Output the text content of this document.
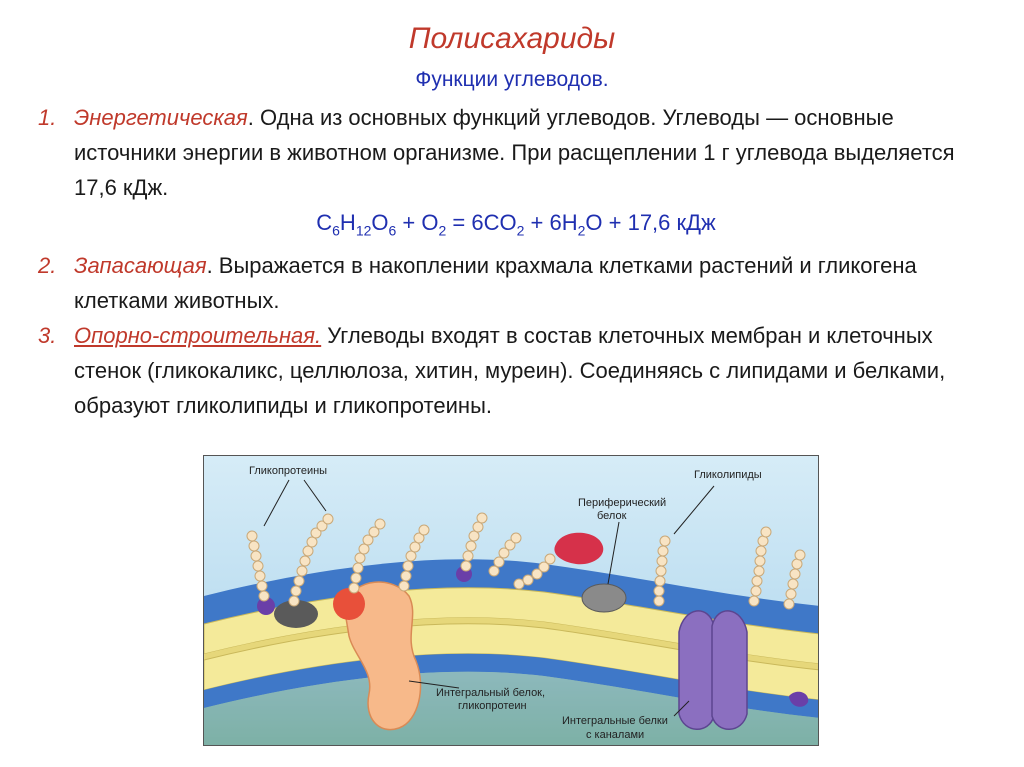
Полисахариды
Функции углеводов.
1. Энергетическая. Одна из основных функций углеводов. Углеводы — основные источники энергии в животном организме. При расщеплении 1 г углевода выделяется 17,6 кДж.
$C_6H_{12}O_6 + O_2 = 6CO_2 + 6H_2O + 17,6$ кДж
2. Запасающая. Выражается в накоплении крахмала клетками растений и гликогена клетками животных.
3. Опорно-строительная. Углеводы входят в состав клеточных мембран и клеточных стенок (гликокаликс, целлюлоза, хитин, муреин). Соединяясь с липидами и белками, образуют гликолипиды и гликопротеины.
Гликопротеины	Гликолипиды
Периферический
белок
Интегральный белок,
гликопротеин
Интегральные белки
с каналами
